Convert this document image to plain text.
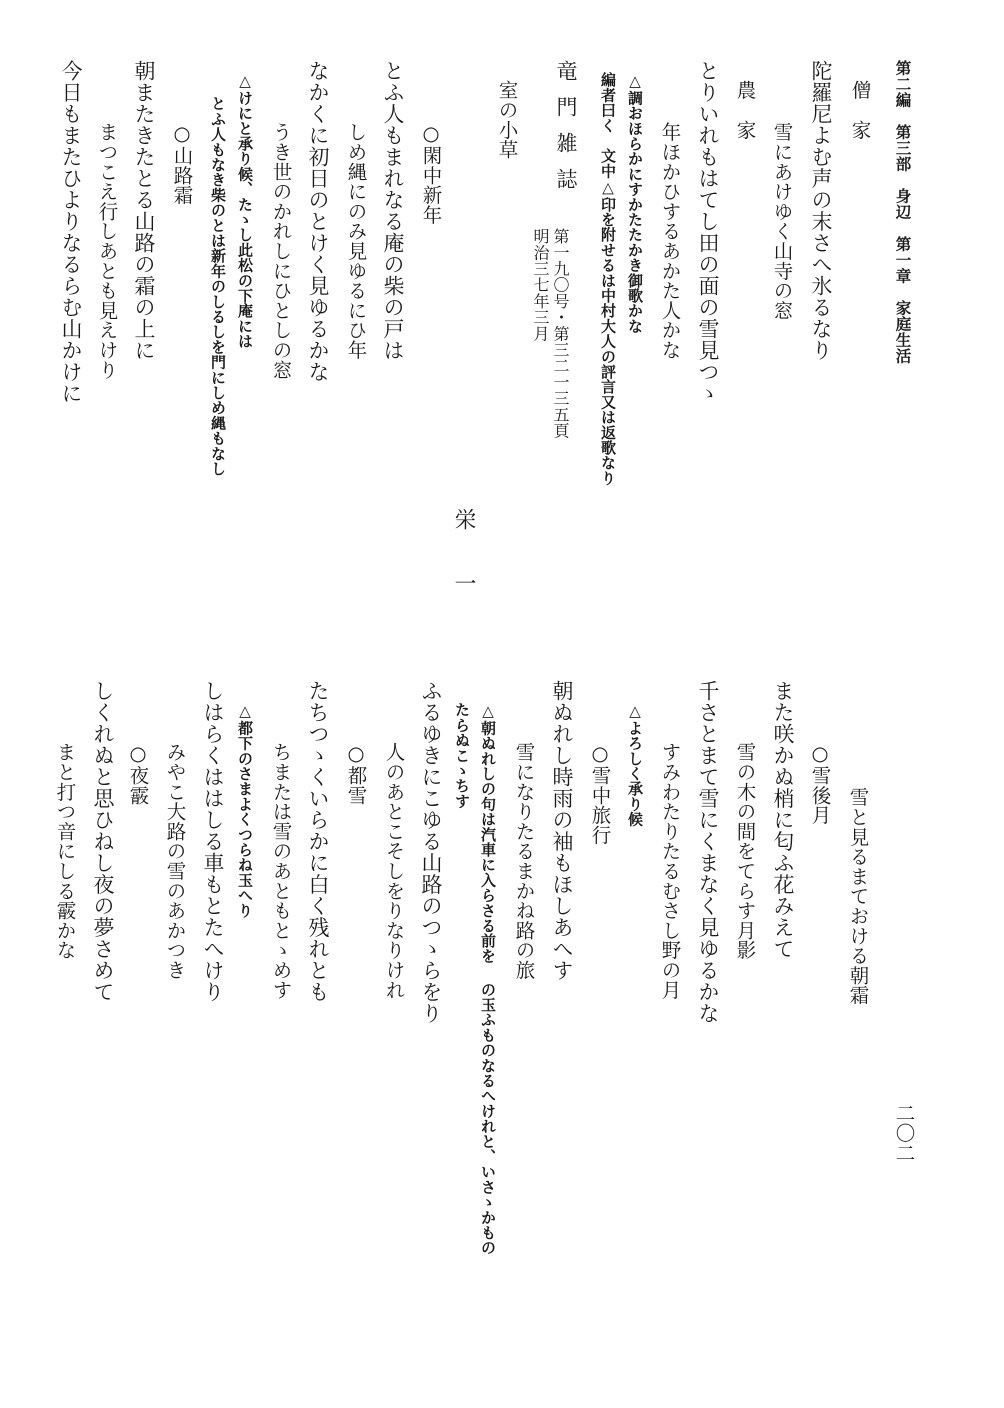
第二編　第三部　身辺　第一章　家庭生活
二〇二
僧　家
陀羅尼よむ声の末さへ氷るなり
雪にあけゆく山寺の窓
農　家
とりいれもはてし田の面の雪見つゝ
年ほかひするあかた人かな
△調おほらかにすかたたかき御歌かな
編者曰く　文中△印を附せるは中村大人の評言又は返歌なり
竜門雑誌
第一九〇号・第三二一三五頁
明治三七年三月
室の小草
○閑中新年
とふ人もまれなる庵の柴の戸は
しめ縄にのみ見ゆるにひ年
なかくに初日のとけく見ゆるかな
うき世のかれしにひとしの窓
△けにと承り候、たゝし此松の下庵には
とふ人もなき柴のとは新年のしるしを門にしめ縄もなし
○山路霜
朝またきたとる山路の霜の上に
まつこえ行しあとも見えけり
今日もまたひよりなるらむ山かけに
栄一
雪と見るまておける朝霜
○雪後月
また咲かぬ梢に匂ふ花みえて
雪の木の間をてらす月影
千さとまて雪にくまなく見ゆるかな
すみわたりたるむさし野の月
△よろしく承り候
○雪中旅行
朝ぬれし時雨の袖もほしあへす
雪になりたるまかね路の旅
△朝ぬれしの句は汽車に入らさる前を の玉ふものなるへけれと、いさゝかもの
たらぬこゝちす
ふるゆきにこゆる山路のつゝらをり
人のあとこそしをりなりけれ
○都雪
たちつゝくいらかに白く残れとも
ちまたは雪のあともとゝめす
△都下のさまよくつらね玉へり
しはらくははしる車もとたへけり
みやこ大路の雪のあかつき
○夜霰
しくれぬと思ひねし夜の夢さめて
まと打つ音にしる霰かな
